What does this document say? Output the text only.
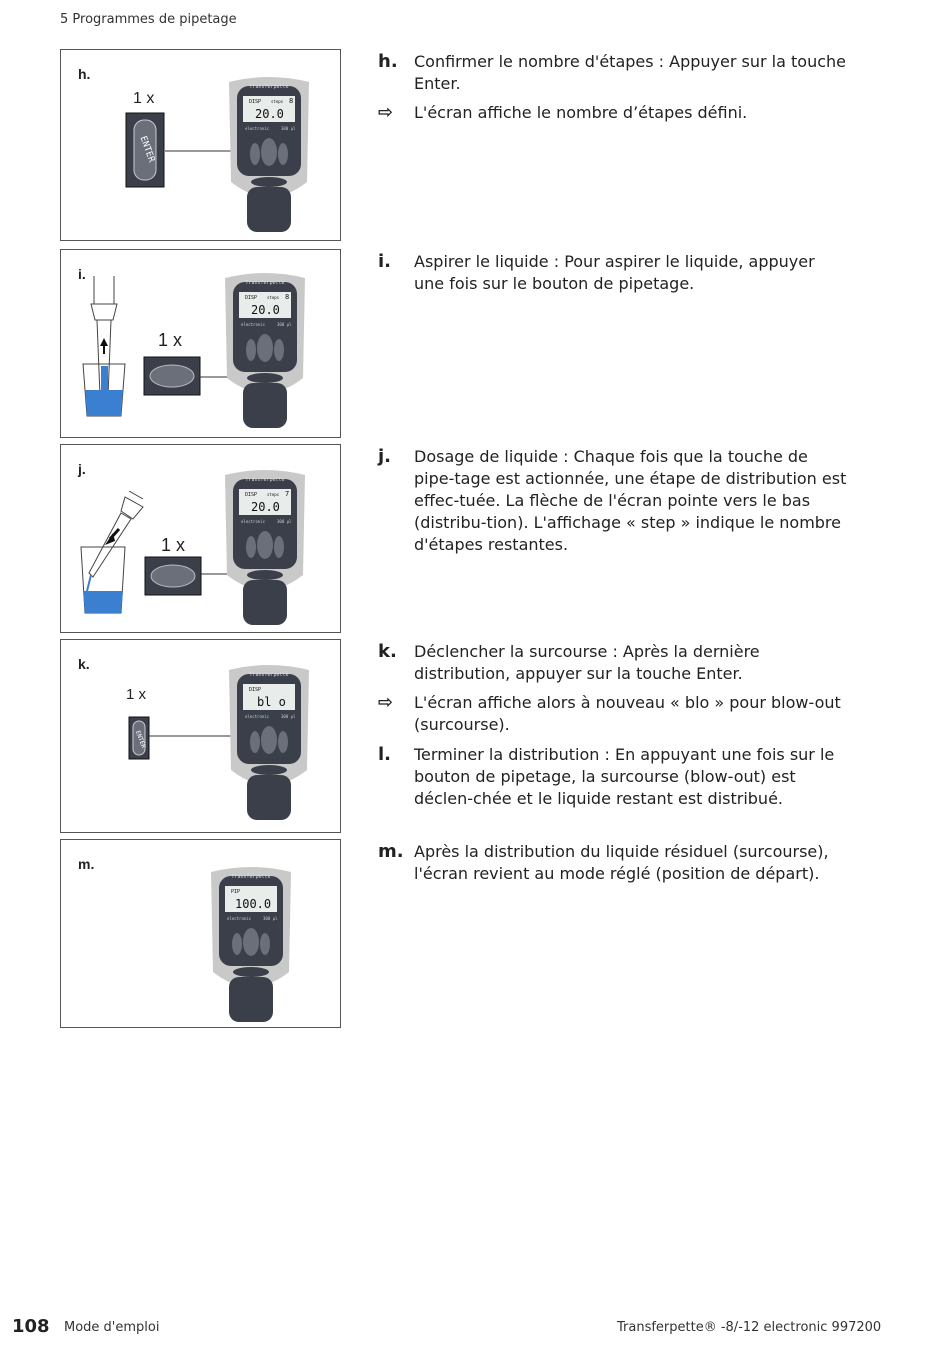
5 Programmes de pipetage
h.
1 x
ENTER
Transferpette
DISP steps 8
20.0
electronic	300 µl
i.
1 x
Transferpette
DISP steps 8
20.0
electronic	300 µl
j.
1 x
Transferpette
DISP steps 7
20.0
electronic	300 µl
k.
1 x
ENTER
Transferpette
DISP
bl o
electronic	300 µl
m.
Transferpette
PIP
100.0
electronic	300 µl
h.	Confirmer le nombre d'étapes : Appuyer sur la touche Enter.
⇨	L'écran affiche le nombre d’étapes défini.
i.	Aspirer le liquide : Pour aspirer le liquide, appuyer une fois sur le bouton de pipetage.
j.	Dosage de liquide : Chaque fois que la touche de pipe-tage est actionnée, une étape de distribution est effec-tuée. La flèche de l'écran pointe vers le bas (distribu-tion). L'affichage « step » indique le nombre d'étapes restantes.
k.	Déclencher la surcourse : Après la dernière distribution, appuyer sur la touche Enter.
⇨	L'écran affiche alors à nouveau « blo » pour blow-out (surcourse).
l.	Terminer la distribution : En appuyant une fois sur le bouton de pipetage, la surcourse (blow-out) est déclen-chée et le liquide restant est distribué.
m. Après la distribution du liquide résiduel (surcourse), l'écran revient au mode réglé (position de départ).
108 Mode d'emploi	Transferpette® -8/-12 electronic 997200
